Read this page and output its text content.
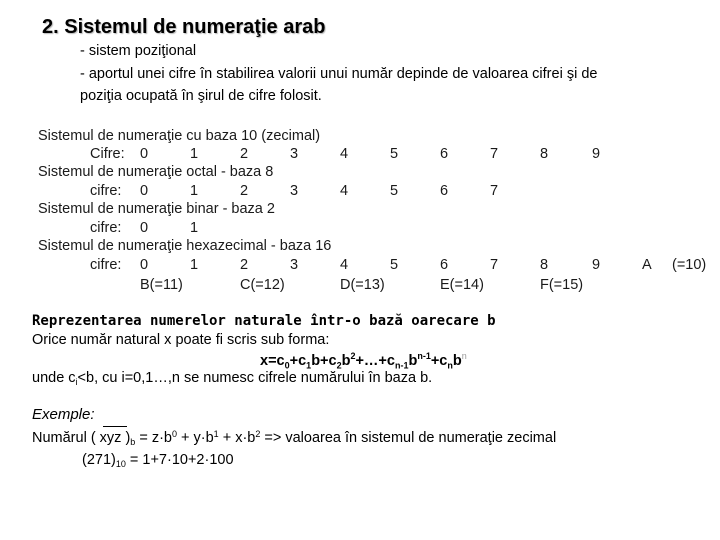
2. Sistemul de numeraţie arab
- sistem poziţional
- aportul unei cifre în stabilirea valorii unui număr depinde de valoarea cifrei şi de
poziţia ocupată în şirul de cifre folosit.
Sistemul de numeraţie cu baza 10 (zecimal)
Cifre: 0	1	2	3	4	5	6	7	8	9
Sistemul de numeraţie octal - baza 8
cifre: 0	1	2	3	4	5	6	7
Sistemul de numeraţie binar - baza 2
cifre: 0	1
Sistemul de numeraţie hexazecimal - baza 16
cifre: 0	1	2	3	4	5	6	7	8	9	A (=10)
B(=11)	C(=12)	D(=13)	E(=14)	F(=15)
Reprezentarea numerelor naturale într-o bază oarecare b
Orice număr natural x poate fi scris sub forma:
$x=c_0+c_1b+c_2b^2+\dots+c_{n-1}b^{n-1}+c_nb^n$
unde $c_i<b$, cu i=0,1…,n se numesc cifrele numărului în baza b.
Exemple:
Numărul ( xyz )$_b = z\cdot b^0 + y\cdot b^1 + x\cdot b^2$ => valoarea în sistemul de numeraţie zecimal
$(271)_{10} = 1+7\cdot 10+2\cdot 100$
